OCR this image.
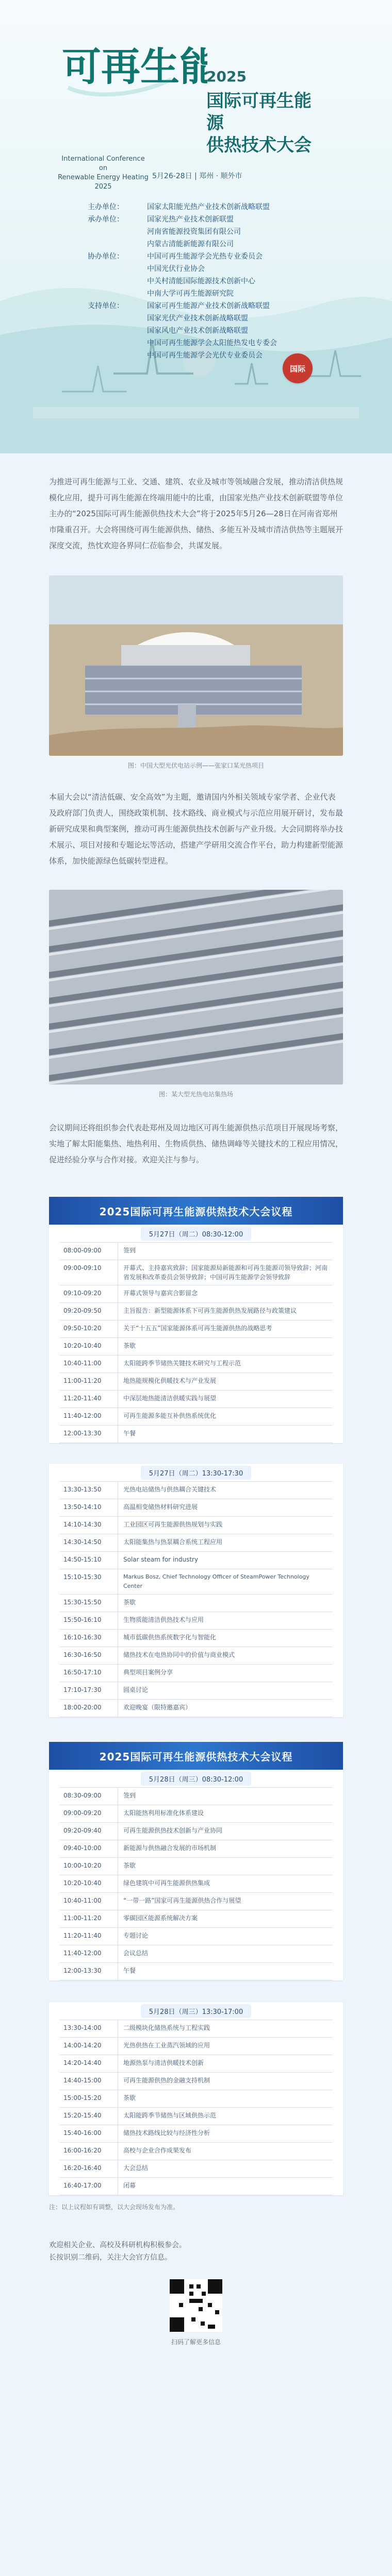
可再生能

2025

国际可再生能源

供热技术大会

International Conference on
Renewable Energy Heating
2025
5月26-28日 | 郑州 · 顺外市
主办单位：	国家太阳能光热产业技术创新战略联盟
承办单位：	国家光热产业技术创新联盟
河南省能源投资集团有限公司
内蒙古清能新能源有限公司
协办单位：	中国可再生能源学会光热专业委员会
中国光伏行业协会
中关村清能国际能源技术创新中心
中南大学可再生能源研究院
支持单位：	国家可再生能源产业技术创新战略联盟
国家光伏产业技术创新战略联盟
国家风电产业技术创新战略联盟
中国可再生能源学会太阳能热发电专委会
中国可再生能源学会光伏专业委员会
国际

为推进可再生能源与工业、交通、建筑、农业及城市等领域融合发展，推动清洁供热规模化应用，提升可再生能源在终端用能中的比重，由国家光热产业技术创新联盟等单位主办的“2025国际可再生能源供热技术大会”将于2025年5月26—28日在河南省郑州市隆重召开。大会将围绕可再生能源供热、储热、多能互补及城市清洁供热等主题展开深度交流，热忱欢迎各界同仁莅临参会，共谋发展。

图：中国大型光伏电站示例——张家口某光热项目

本届大会以“清洁低碳、安全高效”为主题，邀请国内外相关领域专家学者、企业代表及政府部门负责人，围绕政策机制、技术路线、商业模式与示范应用展开研讨，发布最新研究成果和典型案例，推动可再生能源供热技术创新与产业升级。大会同期将举办技术展示、项目对接和专题论坛等活动，搭建产学研用交流合作平台，助力构建新型能源体系，加快能源绿色低碳转型进程。

图：某大型光热电站集热场

会议期间还将组织参会代表赴郑州及周边地区可再生能源供热示范项目开展现场考察，实地了解太阳能集热、地热利用、生物质供热、储热调峰等关键技术的工程应用情况，促进经验分享与合作对接。欢迎关注与参与。

2025国际可再生能源供热技术大会议程
5月27日（周二）08:30-12:00
08:00-09:00	签到
09:00-09:10	开幕式、主持嘉宾致辞；国家能源局新能源和可再生能源司领导致辞；河南省发展和改革委员会领导致辞；中国可再生能源学会领导致辞
09:10-09:20	开幕式领导与嘉宾合影留念
09:20-09:50	主旨报告：新型能源体系下可再生能源供热发展路径与政策建议
09:50-10:20	关于“十五五”国家能源体系可再生能源供热的战略思考
10:20-10:40	茶歇
10:40-11:00	太阳能跨季节储热关键技术研究与工程示范
11:00-11:20	地热能规模化供暖技术与产业发展
11:20-11:40	中深层地热能清洁供暖实践与展望
11:40-12:00	可再生能源多能互补供热系统优化
12:00-13:30	午餐
5月27日（周二）13:30-17:30
13:30-13:50	光热电站储热与供热耦合关键技术
13:50-14:10	高温相变储热材料研究进展
14:10-14:30	工业园区可再生能源供热规划与实践
14:30-14:50	太阳能集热与热泵耦合系统工程应用
14:50-15:10	Solar steam for industry
15:10-15:30	Markus Bosz, Chief Technology Officer of SteamPower Technology Center
15:30-15:50	茶歇
15:50-16:10	生物质能清洁供热技术与应用
16:10-16:30	城市低碳供热系统数字化与智能化
16:30-16:50	储热技术在电热协同中的价值与商业模式
16:50-17:10	典型项目案例分享
17:10-17:30	圆桌讨论
18:00-20:00	欢迎晚宴（限特邀嘉宾）
2025国际可再生能源供热技术大会议程
5月28日（周三）08:30-12:00
08:30-09:00	签到
09:00-09:20	太阳能热利用标准化体系建设
09:20-09:40	可再生能源供热技术创新与产业协同
09:40-10:00	新能源与供热融合发展的市场机制
10:00-10:20	茶歇
10:20-10:40	绿色建筑中可再生能源供热集成
10:40-11:00	“一带一路”国家可再生能源供热合作与展望
11:00-11:20	零碳园区能源系统解决方案
11:20-11:40	专题讨论
11:40-12:00	会议总结
12:00-13:30	午餐
5月28日（周三）13:30-17:00
13:30-14:00	二级模块化储热系统与工程实践
14:00-14:20	光热供热在工业蒸汽领域的应用
14:20-14:40	地源热泵与清洁供暖技术创新
14:40-15:00	可再生能源供热的金融支持机制
15:00-15:20	茶歇
15:20-15:40	太阳能跨季节储热与区域供热示范
15:40-16:00	储热技术路线比较与经济性分析
16:00-16:20	高校与企业合作成果发布
16:20-16:40	大会总结
16:40-17:00	闭幕
注：以上议程如有调整，以大会现场发布为准。
欢迎相关企业、高校及科研机构积极参会。
长按识别二维码，关注大会官方信息。
扫码了解更多信息
